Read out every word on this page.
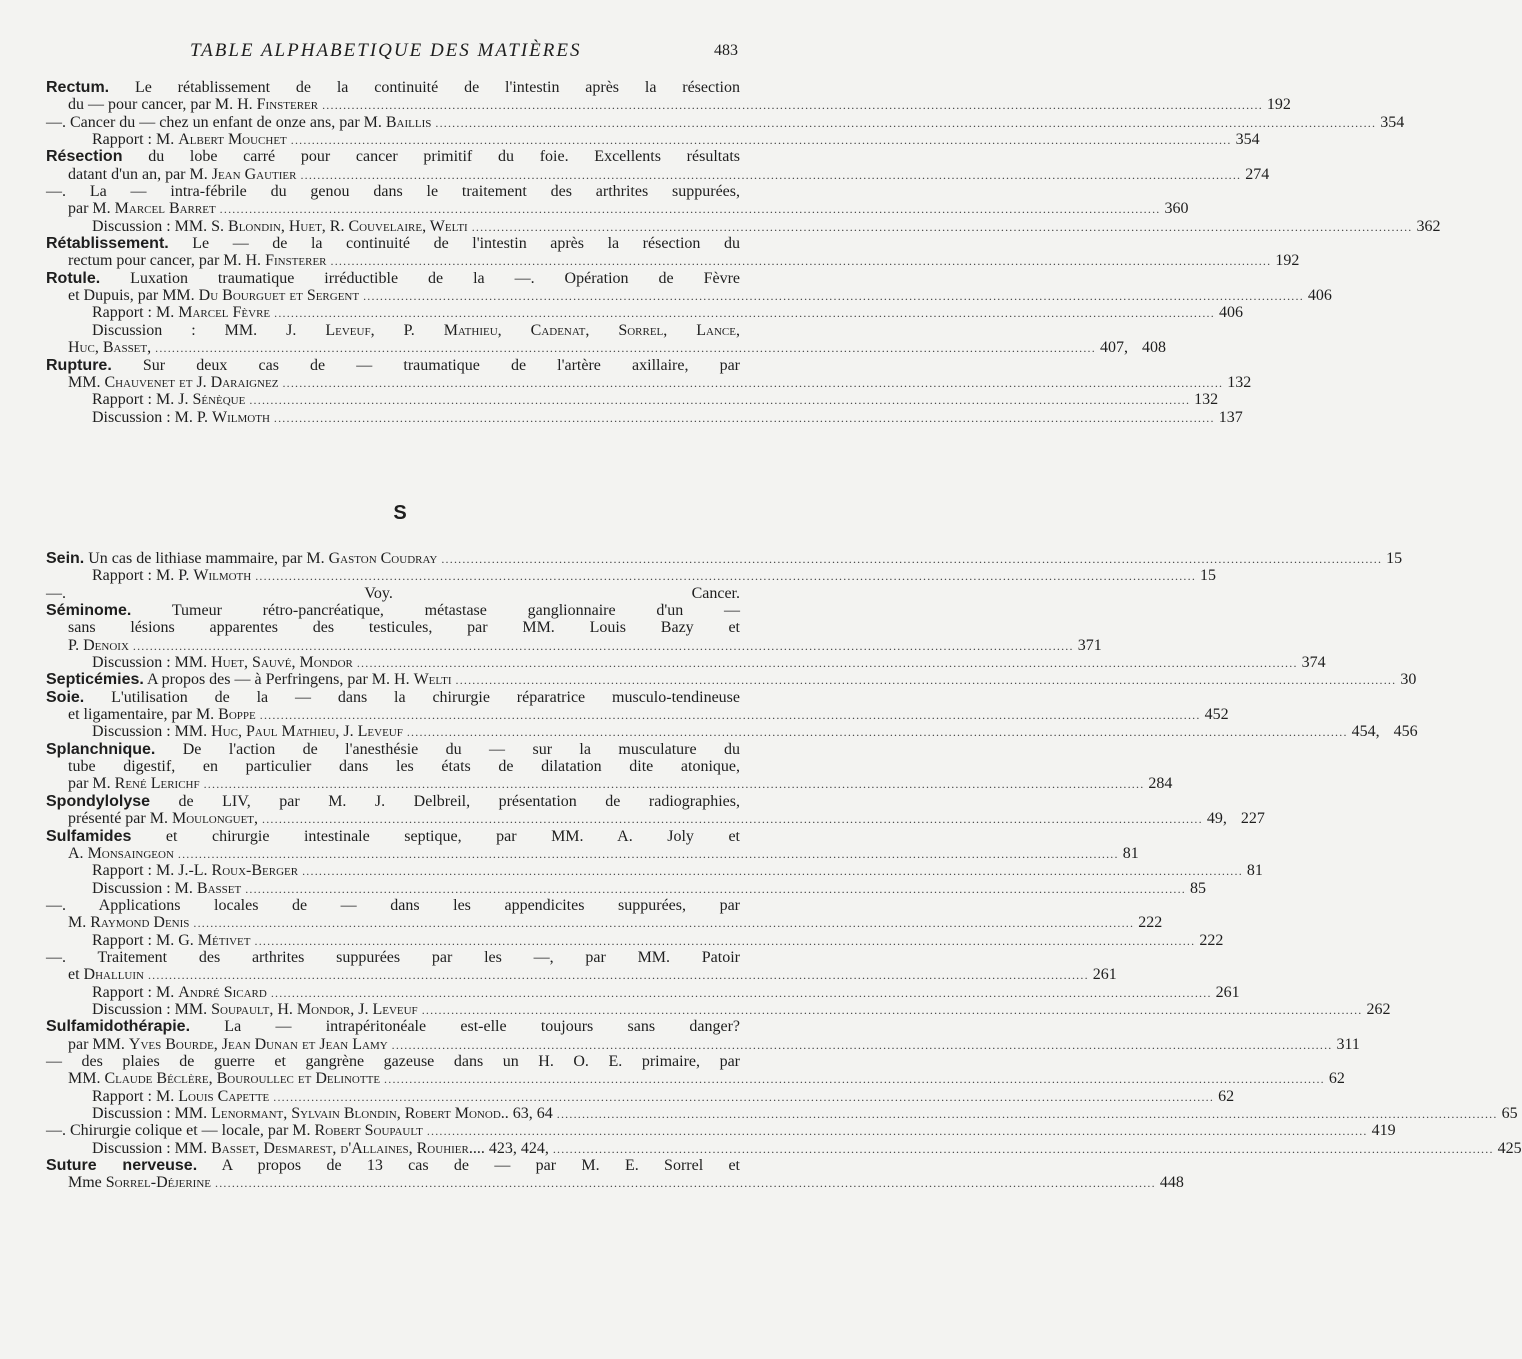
TABLE ALPHABETIQUE DES MATIÈRES	483
Rectum. Le rétablissement de la continuité de l'intestin après la résection
du — pour cancer, par M. H. Finsterer .....	192
—. Cancer du — chez un enfant de onze ans, par M. Baillis .....	354
Rapport : M. Albert Mouchet .....	354
Résection du lobe carré pour cancer primitif du foie. Excellents résultats
datant d'un an, par M. Jean Gautier .....	274
—. La — intra-fébrile du genou dans le traitement des arthrites suppurées,
par M. Marcel Barret .....	360
Discussion : MM. S. Blondin, Huet, R. Couvelaire, Welti .....	362
Rétablissement. Le — de la continuité de l'intestin après la résection du
rectum pour cancer, par M. H. Finsterer .....	192
Rotule. Luxation traumatique irréductible de la —. Opération de Fèvre
et Dupuis, par MM. Du Bourguet et Sergent .....	406
Rapport : M. Marcel Fèvre .....	406
Discussion : MM. J. Leveuf, P. Mathieu, Cadenat, Sorrel, Lance,
Huc, Basset, .....	407, 408
Rupture. Sur deux cas de — traumatique de l'artère axillaire, par
MM. Chauvenet et J. Daraignez .....	132
Rapport : M. J. Sénèque .....	132
Discussion : M. P. Wilmoth .....	137
S
Sein. Un cas de lithiase mammaire, par M. Gaston Coudray .....	15
Rapport : M. P. Wilmoth .....	15
—. Voy. Cancer.
Séminome. Tumeur rétro-pancréatique, métastase ganglionnaire d'un —
sans lésions apparentes des testicules, par MM. Louis Bazy et
P. Denoix .....	371
Discussion : MM. Huet, Sauvé, Mondor .....	374
Septicémies. A propos des — à Perfringens, par M. H. Welti .....	30
Soie. L'utilisation de la — dans la chirurgie réparatrice musculo-tendineuse
et ligamentaire, par M. Boppe .....	452
Discussion : MM. Huc, Paul Mathieu, J. Leveuf .....	454, 456
Splanchnique. De l'action de l'anesthésie du — sur la musculature du
tube digestif, en particulier dans les états de dilatation dite atonique,
par M. René Lerichf .....	284
Spondylolyse de LIV, par M. J. Delbreil, présentation de radiographies,
présenté par M. Moulonguet, .....	49, 227
Sulfamides et chirurgie intestinale septique, par MM. A. Joly et
A. Monsaingeon .....	81
Rapport : M. J.-L. Roux-Berger .....	81
Discussion : M. Basset .....	85
—. Applications locales de — dans les appendicites suppurées, par
M. Raymond Denis .....	222
Rapport : M. G. Métivet .....	222
—. Traitement des arthrites suppurées par les —, par MM. Patoir
et Dhalluin .....	261
Rapport : M. André Sicard .....	261
Discussion : MM. Soupault, H. Mondor, J. Leveuf .....	262
Sulfamidothérapie. La — intrapéritonéale est-elle toujours sans danger?
par MM. Yves Bourde, Jean Dunan et Jean Lamy .....	311
— des plaies de guerre et gangrène gazeuse dans un H. O. E. primaire, par
MM. Claude Béclère, Bouroullec et Delinotte .....	62
Rapport : M. Louis Capette .....	62
Discussion : MM. Lenormant, Sylvain Blondin, Robert Monod.. 63, 64 .....	65
—. Chirurgie colique et — locale, par M. Robert Soupault .....	419
Discussion : MM. Basset, Desmarest, d'Allaines, Rouhier.... 423, 424, .....	425
Suture nerveuse. A propos de 13 cas de — par M. E. Sorrel et
Mme Sorrel-Déjerine .....	448
